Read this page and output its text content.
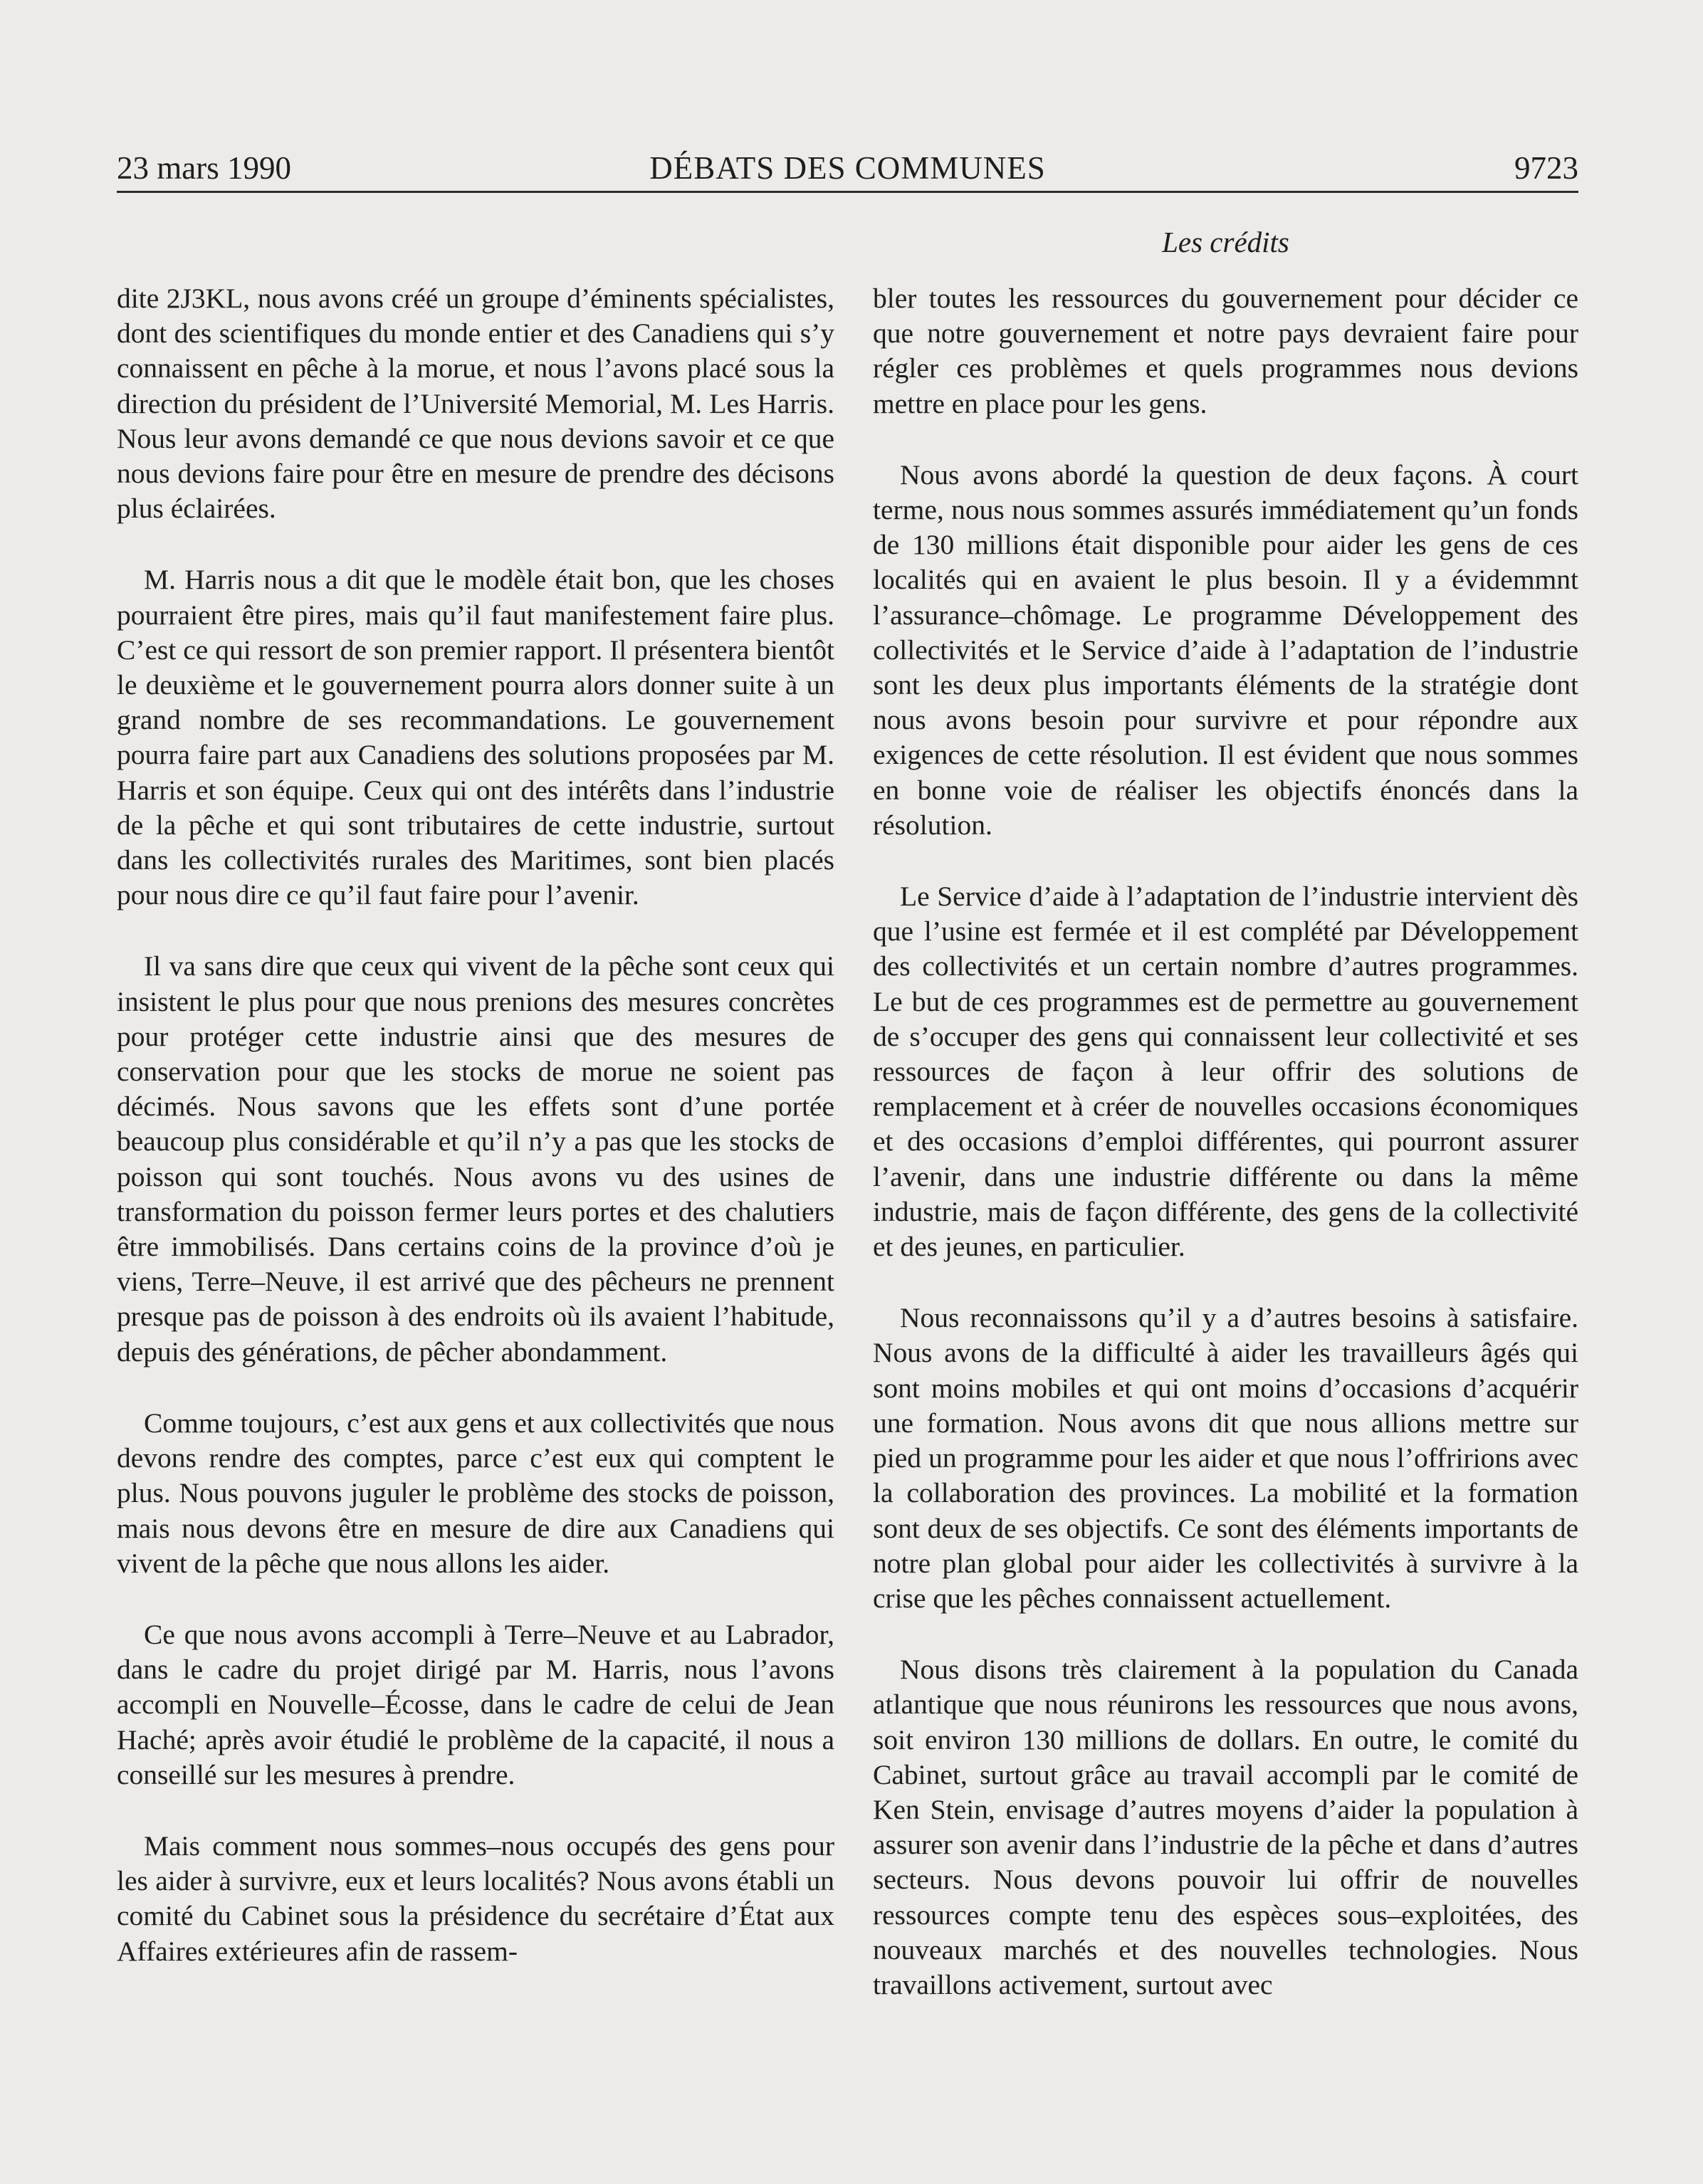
23 mars 1990	DÉBATS DES COMMUNES	9723
Les crédits

dite 2J3KL, nous avons créé un groupe d’éminents spécialistes, dont des scientifiques du monde entier et des Canadiens qui s’y connaissent en pêche à la morue, et nous l’avons placé sous la direction du président de l’Université Memorial, M. Les Harris. Nous leur avons demandé ce que nous devions savoir et ce que nous devions faire pour être en mesure de prendre des décisons plus éclairées.

M. Harris nous a dit que le modèle était bon, que les choses pourraient être pires, mais qu’il faut manifestement faire plus. C’est ce qui ressort de son premier rapport. Il présentera bientôt le deuxième et le gouvernement pourra alors donner suite à un grand nombre de ses recommandations. Le gouvernement pourra faire part aux Canadiens des solutions proposées par M. Harris et son équipe. Ceux qui ont des intérêts dans l’industrie de la pêche et qui sont tributaires de cette industrie, surtout dans les collectivités rurales des Maritimes, sont bien placés pour nous dire ce qu’il faut faire pour l’avenir.

Il va sans dire que ceux qui vivent de la pêche sont ceux qui insistent le plus pour que nous prenions des mesures concrètes pour protéger cette industrie ainsi que des mesures de conservation pour que les stocks de morue ne soient pas décimés. Nous savons que les effets sont d’une portée beaucoup plus considérable et qu’il n’y a pas que les stocks de poisson qui sont touchés. Nous avons vu des usines de transformation du poisson fermer leurs portes et des chalutiers être immobilisés. Dans certains coins de la province d’où je viens, Terre–Neuve, il est arrivé que des pêcheurs ne prennent presque pas de poisson à des endroits où ils avaient l’habitude, depuis des générations, de pêcher abondamment.

Comme toujours, c’est aux gens et aux collectivités que nous devons rendre des comptes, parce c’est eux qui comptent le plus. Nous pouvons juguler le problème des stocks de poisson, mais nous devons être en mesure de dire aux Canadiens qui vivent de la pêche que nous allons les aider.

Ce que nous avons accompli à Terre–Neuve et au Labrador, dans le cadre du projet dirigé par M. Harris, nous l’avons accompli en Nouvelle–Écosse, dans le cadre de celui de Jean Haché; après avoir étudié le problème de la capacité, il nous a conseillé sur les mesures à prendre.

Mais comment nous sommes–nous occupés des gens pour les aider à survivre, eux et leurs localités? Nous avons établi un comité du Cabinet sous la présidence du secrétaire d’État aux Affaires extérieures afin de rassem-

bler toutes les ressources du gouvernement pour décider ce que notre gouvernement et notre pays devraient faire pour régler ces problèmes et quels programmes nous devions mettre en place pour les gens.

Nous avons abordé la question de deux façons. À court terme, nous nous sommes assurés immédiatement qu’un fonds de 130 millions était disponible pour aider les gens de ces localités qui en avaient le plus besoin. Il y a évidemmnt l’assurance–chômage. Le programme Développement des collectivités et le Service d’aide à l’adaptation de l’industrie sont les deux plus importants éléments de la stratégie dont nous avons besoin pour survivre et pour répondre aux exigences de cette résolution. Il est évident que nous sommes en bonne voie de réaliser les objectifs énoncés dans la résolution.

Le Service d’aide à l’adaptation de l’industrie intervient dès que l’usine est fermée et il est complété par Développement des collectivités et un certain nombre d’autres programmes. Le but de ces programmes est de permettre au gouvernement de s’occuper des gens qui connaissent leur collectivité et ses ressources de façon à leur offrir des solutions de remplacement et à créer de nouvelles occasions économiques et des occasions d’emploi différentes, qui pourront assurer l’avenir, dans une industrie différente ou dans la même industrie, mais de façon différente, des gens de la collectivité et des jeunes, en particulier.

Nous reconnaissons qu’il y a d’autres besoins à satisfaire. Nous avons de la difficulté à aider les travailleurs âgés qui sont moins mobiles et qui ont moins d’occasions d’acquérir une formation. Nous avons dit que nous allions mettre sur pied un programme pour les aider et que nous l’offririons avec la collaboration des provinces. La mobilité et la formation sont deux de ses objectifs. Ce sont des éléments importants de notre plan global pour aider les collectivités à survivre à la crise que les pêches connaissent actuellement.

Nous disons très clairement à la population du Canada atlantique que nous réunirons les ressources que nous avons, soit environ 130 millions de dollars. En outre, le comité du Cabinet, surtout grâce au travail accompli par le comité de Ken Stein, envisage d’autres moyens d’aider la population à assurer son avenir dans l’industrie de la pêche et dans d’autres secteurs. Nous devons pouvoir lui offrir de nouvelles ressources compte tenu des espèces sous–exploitées, des nouveaux marchés et des nouvelles technologies. Nous travaillons activement, surtout avec
